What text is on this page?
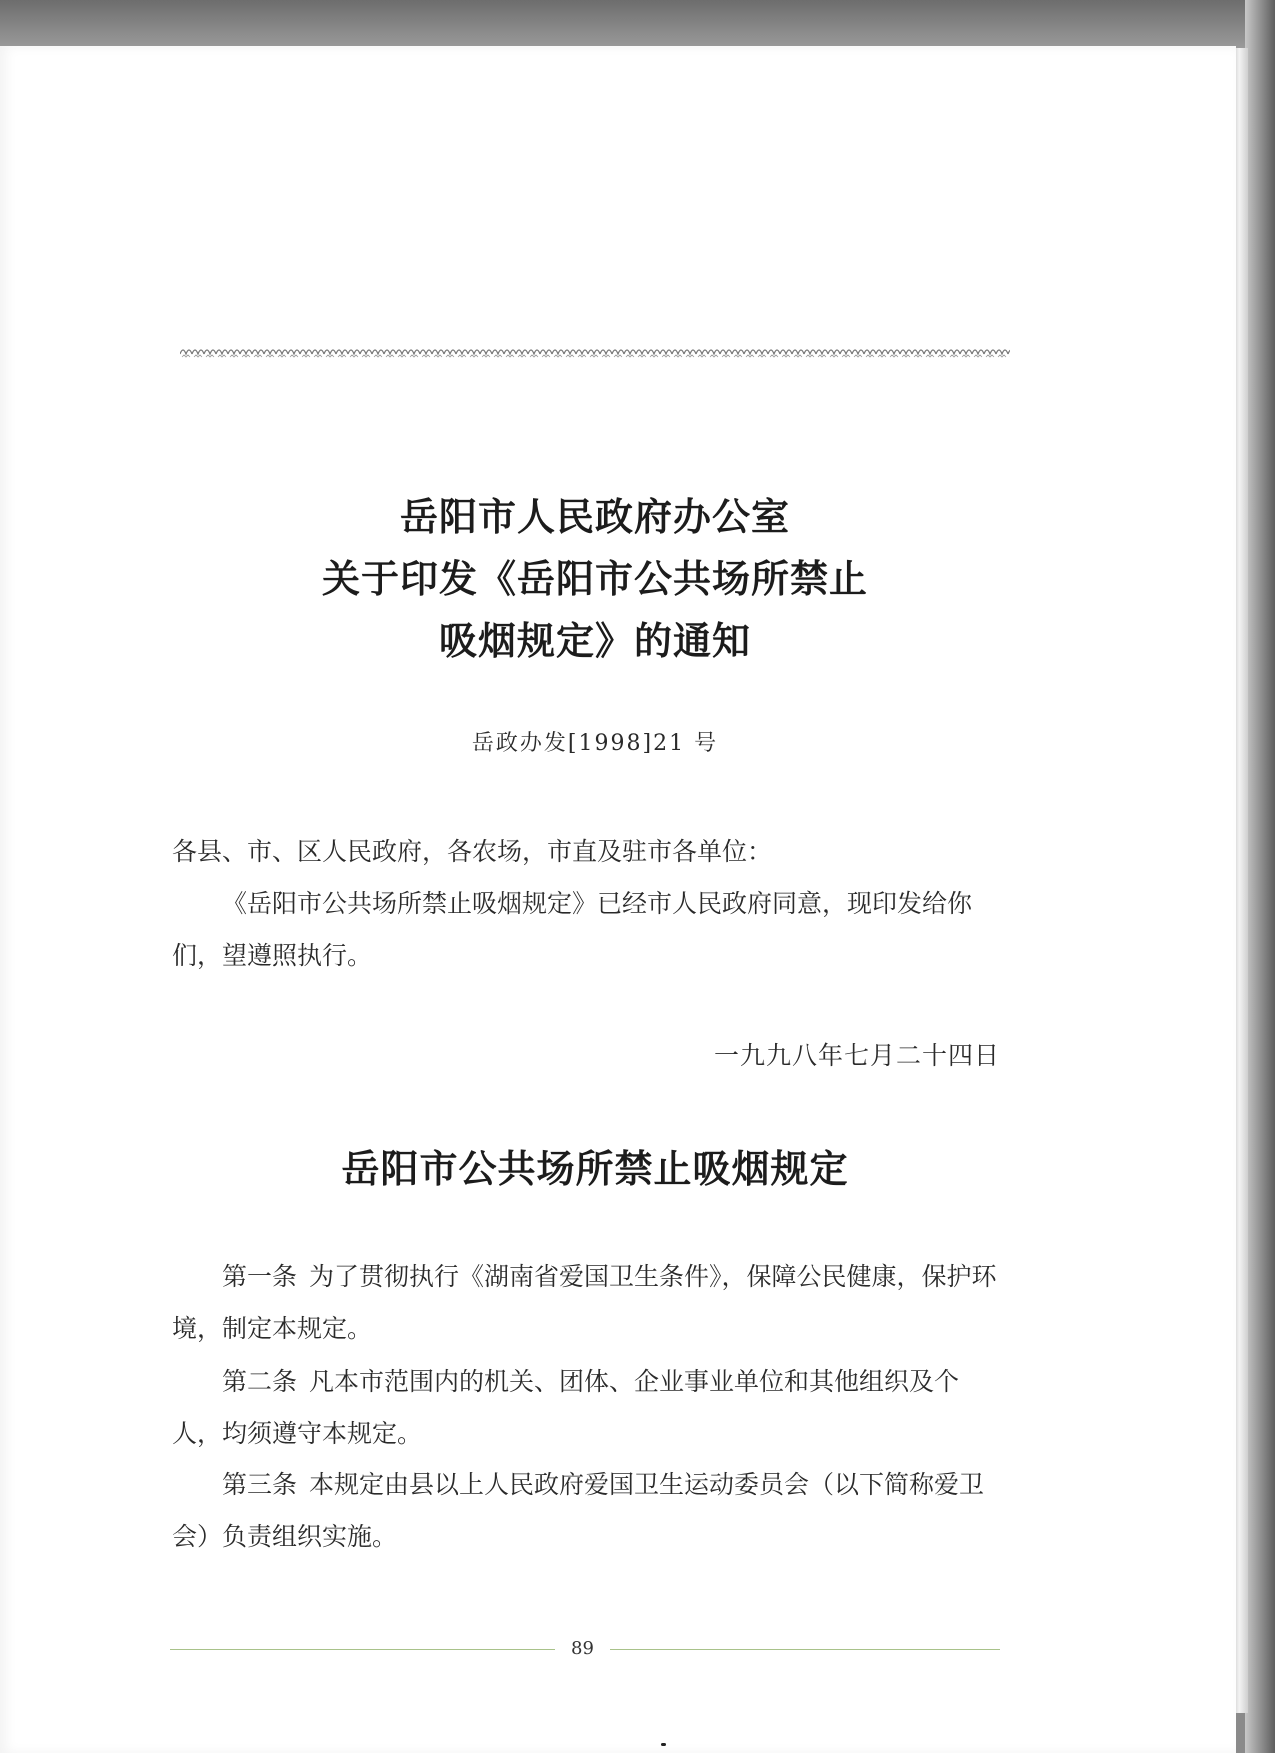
岳阳市人民政府办公室
关于印发《岳阳市公共场所禁止
吸烟规定》的通知
岳政办发[1998]21 号

各县、市、区人民政府，各农场，市直及驻市各单位：

《岳阳市公共场所禁止吸烟规定》已经市人民政府同意，现印发给你们，望遵照执行。

一九九八年七月二十四日
岳阳市公共场所禁止吸烟规定

第一条 为了贯彻执行《湖南省爱国卫生条件》，保障公民健康，保护环境，制定本规定。

第二条 凡本市范围内的机关、团体、企业事业单位和其他组织及个人，均须遵守本规定。

第三条 本规定由县以上人民政府爱国卫生运动委员会（以下简称爱卫会）负责组织实施。

89
